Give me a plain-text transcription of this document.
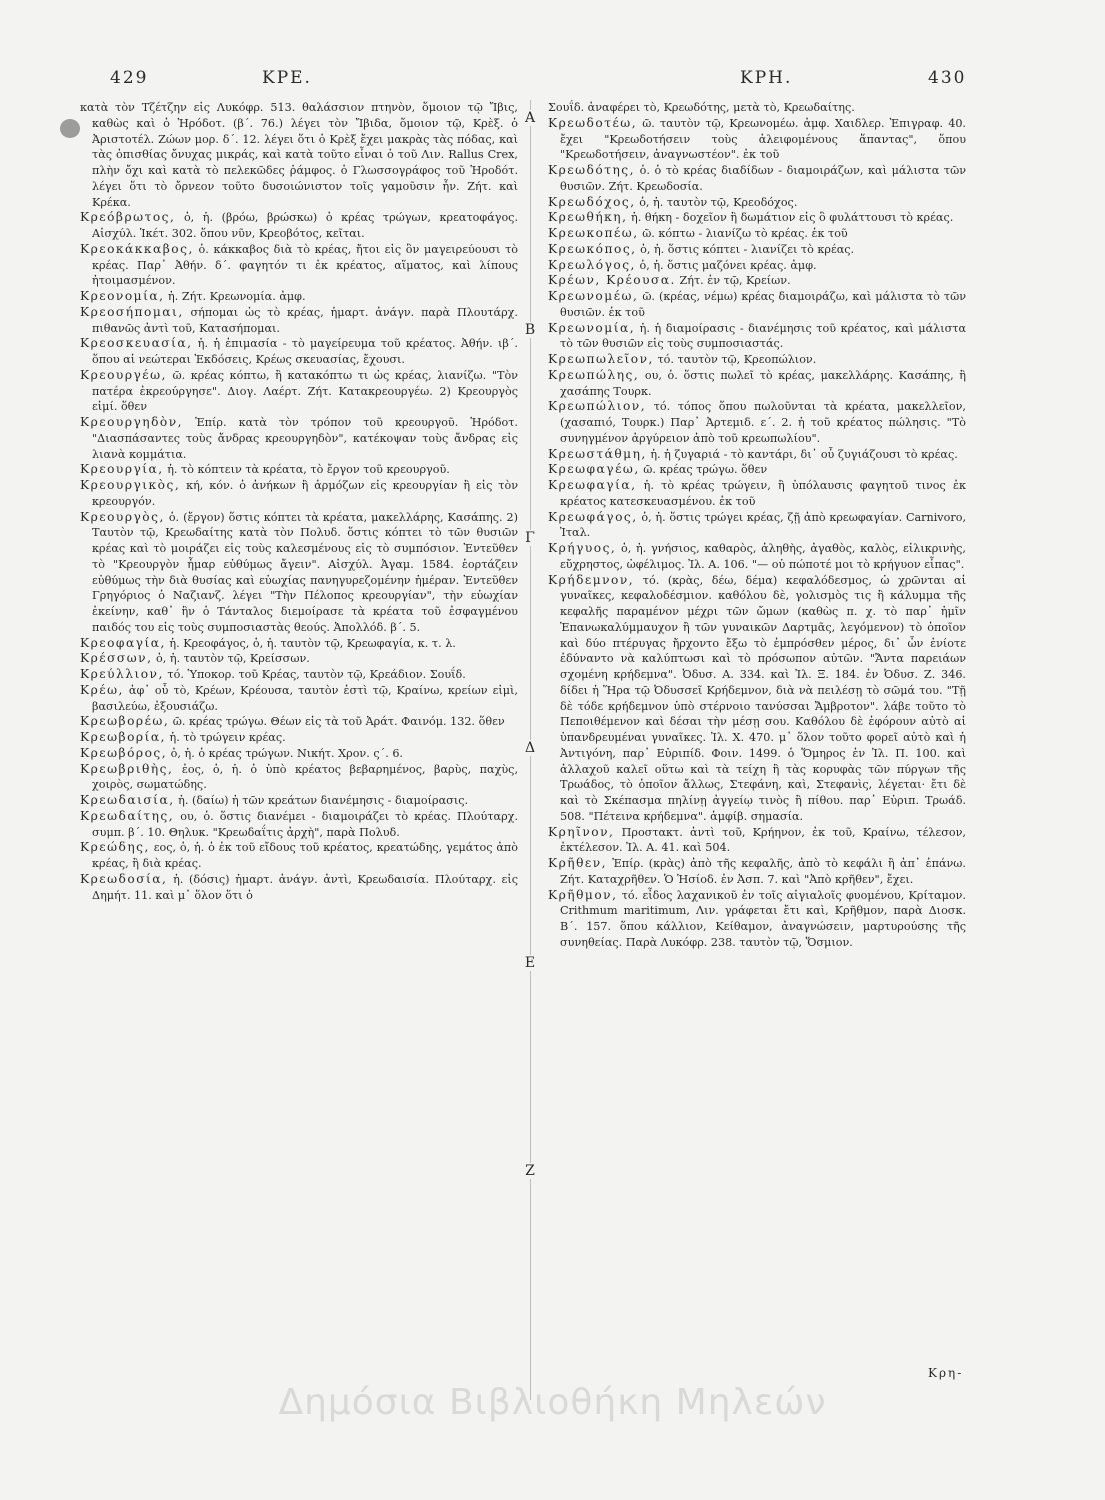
429	ΚΡΕ.	ΚΡΗ.	430

κατὰ τὸν Τζέτζην εἰς Λυκόφρ. 513. θαλάσσιον πτηνὸν, ὅμοιον τῷ Ἴβις, καθὼς καὶ ὁ Ἡρόδοτ. (β΄. 76.) λέγει τὸν Ἴβιδα, ὅμοιον τῷ, Κρὲξ. ὁ Ἀριστοτέλ. Ζώων μορ. δ΄. 12. λέγει ὅτι ὁ Κρὲξ ἔχει μακρὰς τὰς πόδας, καὶ τὰς ὀπισθίας ὄνυχας μικράς, καὶ κατὰ τοῦτο εἶναι ὁ τοῦ Λιν. Rallus Crex, πλὴν ὄχι καὶ κατὰ τὸ πελεκῶδες ῥάμφος. ὁ Γλωσσογράφος τοῦ Ἡροδότ. λέγει ὅτι τὸ ὄρνεον τοῦτο δυσοιώνιστον τοῖς γαμοῦσιν ἦν. Ζήτ. καὶ Κρέκα.

Κρεόβρωτος, ὁ, ἡ. (βρόω, βρώσκω) ὁ κρέας τρώγων, κρεατοφάγος. Αἰσχύλ. Ἱκέτ. 302. ὅπου νῦν, Κρεοβότος, κεῖται.

Κρεοκάκκαβος, ὁ. κάκκαβος διὰ τὸ κρέας, ἤτοι εἰς ὃν μαγειρεύουσι τὸ κρέας. Παρ᾽ Ἀθήν. δ΄. φαγητόν τι ἐκ κρέατος, αἵματος, καὶ λίπους ἠτοιμασμένον.

Κρεονομία, ἡ. Ζήτ. Κρεωνομία. ἀμφ.

Κρεοσήπομαι, σήπομαι ὡς τὸ κρέας, ἡμαρτ. ἀνάγν. παρὰ Πλουτάρχ. πιθανῶς ἀντὶ τοῦ, Κατασήπομαι.

Κρεοσκευασία, ἡ. ἡ ἐπιμασία - τὸ μαγείρευμα τοῦ κρέατος. Ἀθήν. ιβ΄. ὅπου αἱ νεώτεραι Ἐκδόσεις, Κρέως σκευασίας, ἔχουσι.

Κρεουργέω, ῶ. κρέας κόπτω, ἢ κατακόπτω τι ὡς κρέας, λιανίζω. "Τὸν πατέρα ἐκρεούργησε". Διογ. Λαέρτ. Ζήτ. Κατακρεουργέω. 2) Κρεουργὸς εἰμί. ὅθεν

Κρεουργηδὸν, Ἐπίρ. κατὰ τὸν τρόπον τοῦ κρεουργοῦ. Ἡρόδοτ. "Διασπάσαντες τοὺς ἄνδρας κρεουργηδὸν", κατέκοψαν τοὺς ἄνδρας εἰς λιανὰ κομμάτια.

Κρεουργία, ἡ. τὸ κόπτειν τὰ κρέατα, τὸ ἔργον τοῦ κρεουργοῦ.

Κρεουργικὸς, κή, κόν. ὁ ἀνήκων ἢ ἁρμόζων εἰς κρεουργίαν ἢ εἰς τὸν κρεουργόν.

Κρεουργὸς, ὁ. (ἔργον) ὅστις κόπτει τὰ κρέατα, μακελλάρης, Κασάπης. 2) Ταυτὸν τῷ, Κρεωδαίτης κατὰ τὸν Πολυδ. ὅστις κόπτει τὸ τῶν θυσιῶν κρέας καὶ τὸ μοιράζει εἰς τοὺς καλεσμένους εἰς τὸ συμπόσιον. Ἐντεῦθεν τὸ "Κρεουργὸν ἦμαρ εὐθύμως ἄγειν". Αἰσχύλ. Ἀγαμ. 1584. ἑορτάζειν εὐθύμως τὴν διὰ θυσίας καὶ εὐωχίας πανηγυρεζομένην ἡμέραν. Ἐντεῦθεν Γρηγόριος ὁ Ναζιανζ. λέγει "Τὴν Πέλοπος κρεουργίαν", τὴν εὐωχίαν ἐκείνην, καθ᾽ ἣν ὁ Τάνταλος διεμοίρασε τὰ κρέατα τοῦ ἐσφαγμένου παιδός του εἰς τοὺς συμποσιαστὰς θεούς. Ἀπολλόδ. β΄. 5.

Κρεοφαγία, ἡ. Κρεοφάγος, ὁ, ἡ. ταυτὸν τῷ, Κρεωφαγία, κ. τ. λ.

Κρέσσων, ὁ, ἡ. ταυτὸν τῷ, Κρείσσων.

Κρεύλλιον, τό. Ὑποκορ. τοῦ Κρέας, ταυτὸν τῷ, Κρεάδιον. Σουΐδ.

Κρέω, ἀφ᾽ οὗ τὸ, Κρέων, Κρέουσα, ταυτὸν ἐστὶ τῷ, Κραίνω, κρείων εἰμὶ, βασιλεύω, ἐξουσιάζω.

Κρεωβορέω, ῶ. κρέας τρώγω. Θέων εἰς τὰ τοῦ Ἀράτ. Φαινόμ. 132. ὅθεν

Κρεωβορία, ἡ. τὸ τρώγειν κρέας.

Κρεωβόρος, ὁ, ἡ. ὁ κρέας τρώγων. Νικήτ. Χρον. ς΄. 6.

Κρεωβριθὴς, ἐος, ὁ, ἡ. ὁ ὑπὸ κρέατος βεβαρημένος, βαρὺς, παχὺς, χοιρὸς, σωματώδης.

Κρεωδαισία, ἡ. (δαίω) ἡ τῶν κρεάτων διανέμησις - διαμοίρασις.

Κρεωδαίτης, ου, ὁ. ὅστις διανέμει - διαμοιράζει τὸ κρέας. Πλούταρχ. συμπ. β΄. 10. Θηλυκ. "Κρεωδαΐτις ἀρχὴ", παρὰ Πολυδ.

Κρεώδης, εος, ὁ, ἡ. ὁ ἐκ τοῦ εἴδους τοῦ κρέατος, κρεατώδης, γεμάτος ἀπὸ κρέας, ἢ διὰ κρέας.

Κρεωδοσία, ἡ. (δόσις) ἡμαρτ. ἀνάγν. ἀντὶ, Κρεωδαισία. Πλούταρχ. εἰς Δημήτ. 11. καὶ μ᾽ ὅλον ὅτι ὁ

Α
Β
Γ
Δ
Ε
Ζ

Σουΐδ. ἀναφέρει τὸ, Κρεωδότης, μετὰ τὸ, Κρεωδαίτης.

Κρεωδοτέω, ῶ. ταυτὸν τῷ, Κρεωνομέω. ἀμφ. Χαιδλερ. Ἐπιγραφ. 40. ἔχει "Κρεωδοτήσειν τοὺς ἀλειφομένους ἅπαντας", ὅπου "Κρεωδοτήσειν, ἀναγνωστέον". ἐκ τοῦ

Κρεωδότης, ὁ. ὁ τὸ κρέας διαδίδων - διαμοιράζων, καὶ μάλιστα τῶν θυσιῶν. Ζήτ. Κρεωδοσία.

Κρεωδόχος, ὁ, ἡ. ταυτὸν τῷ, Κρεοδόχος.

Κρεωθήκη, ἡ. θήκη - δοχεῖον ἢ δωμάτιον εἰς ὃ φυλάττουσι τὸ κρέας.

Κρεωκοπέω, ῶ. κόπτω - λιανίζω τὸ κρέας. ἐκ τοῦ

Κρεωκόπος, ὁ, ἡ. ὅστις κόπτει - λιανίζει τὸ κρέας.

Κρεωλόγος, ὁ, ἡ. ὅστις μαζόνει κρέας. ἀμφ.

Κρέων, Κρέουσα. Ζήτ. ἐν τῷ, Κρείων.

Κρεωνομέω, ῶ. (κρέας, νέμω) κρέας διαμοιράζω, καὶ μάλιστα τὸ τῶν θυσιῶν. ἐκ τοῦ

Κρεωνομία, ἡ. ἡ διαμοίρασις - διανέμησις τοῦ κρέατος, καὶ μάλιστα τὸ τῶν θυσιῶν εἰς τοὺς συμποσιαστάς.

Κρεωπωλεῖον, τό. ταυτὸν τῷ, Κρεοπώλιον.

Κρεωπώλης, ου, ὁ. ὅστις πωλεῖ τὸ κρέας, μακελλάρης. Κασάπης, ἢ χασάπης Τουρκ.

Κρεωπώλιον, τό. τόπος ὅπου πωλοῦνται τὰ κρέατα, μακελλεῖον, (χασαπιό, Τουρκ.) Παρ᾽ Ἀρτεμιδ. ε΄. 2. ἡ τοῦ κρέατος πώλησις. "Τὸ συνηγμένον ἀργύρειον ἀπὸ τοῦ κρεωπωλίου".

Κρεωστάθμη, ἡ. ἡ ζυγαριά - τὸ καντάρι, δι᾽ οὗ ζυγιάζουσι τὸ κρέας.

Κρεωφαγέω, ῶ. κρέας τρώγω. ὅθεν

Κρεωφαγία, ἡ. τὸ κρέας τρώγειν, ἢ ὑπόλαυσις φαγητοῦ τινος ἐκ κρέατος κατεσκευασμένου. ἐκ τοῦ

Κρεωφάγος, ὁ, ἡ. ὅστις τρώγει κρέας, ζῇ ἀπὸ κρεωφαγίαν. Carnivoro, Ἰταλ.

Κρήγυος, ὁ, ἡ. γνήσιος, καθαρὸς, ἀληθὴς, ἀγαθὸς, καλὸς, εἰλικρινὴς, εὔχρηστος, ὠφέλιμος. Ἰλ. Α. 106. "— οὐ πώποτέ μοι τὸ κρήγυον εἶπας".

Κρήδεμνον, τό. (κρὰς, δέω, δέμα) κεφαλόδεσμος, ὡ χρῶνται αἱ γυναῖκες, κεφαλοδέσμιον. καθόλου δὲ, γολισμὸς τις ἢ κάλυμμα τῆς κεφαλῆς παραμένον μέχρι τῶν ὤμων (καθὼς π. χ. τὸ παρ᾽ ἡμῖν Ἐπανωκαλύμμαυχον ἢ τῶν γυναικῶν Δαρτμᾶς, λεγόμενον) τὸ ὁποῖον καὶ δύο πτέρυγας ἤρχοντο ἔξω τὸ ἐμπρόσθεν μέρος, δι᾽ ὧν ἐνίοτε ἐδύναντο νὰ καλύπτωσι καὶ τὸ πρόσωπον αὐτῶν. "Ἄντα παρειάων σχομένη κρήδεμνα". Ὀδυσ. Α. 334. καὶ Ἰλ. Ξ. 184. ἐν Ὀδυσ. Ζ. 346. δίδει ἡ Ἥρα τῷ Ὀδυσσεῖ Κρήδεμνον, διὰ νὰ πειλέσῃ τὸ σῶμά του. "Τῇ δὲ τόδε κρήδεμνον ὑπὸ στέρνοιο τανύσσαι Ἄμβροτον". λάβε τοῦτο τὸ Πεποιθέμενον καὶ δέσαι τὴν μέσῃ σου. Καθόλου δὲ ἐφόρουν αὐτὸ αἱ ὑπανδρευμέναι γυναῖκες. Ἰλ. Χ. 470. μ᾽ ὅλον τοῦτο φορεῖ αὐτὸ καὶ ἡ Ἀντιγόνη, παρ᾽ Εὐριπίδ. Φοιν. 1499. ὁ Ὅμηρος ἐν Ἰλ. Π. 100. καὶ ἀλλαχοῦ καλεῖ οὕτω καὶ τὰ τείχη ἢ τὰς κορυφὰς τῶν πύργων τῆς Τρωάδος, τὸ ὁποῖον ἄλλως, Στεφάνη, καὶ, Στεφανὶς, λέγεται· ἔτι δὲ καὶ τὸ Σκέπασμα πηλίνῃ ἀγγείῳ τινὸς ἢ πίθου. παρ᾽ Εὐριπ. Τρωάδ. 508. "Πέτεινα κρήδεμνα". ἀμφίβ. σημασία.

Κρηῖνον, Προστακτ. ἀντὶ τοῦ, Κρήηνον, ἐκ τοῦ, Κραίνω, τέλεσον, ἐκτέλεσον. Ἰλ. Α. 41. καὶ 504.

Κρῆθεν, Ἐπίρ. (κρὰς) ἀπὸ τῆς κεφαλῆς, ἀπὸ τὸ κεφάλι ἢ ἀπ᾽ ἐπάνω. Ζήτ. Καταχρῆθεν. Ὁ Ἡσίοδ. ἐν Ἀσπ. 7. καὶ "Ἀπὸ κρῆθεν", ἔχει.

Κρῆθμον, τό. εἶδος λαχανικοῦ ἐν τοῖς αἰγιαλοῖς φυομένου, Κρίταμον. Crithmum maritimum, Λιν. γράφεται ἔτι καὶ, Κρῆθμον, παρὰ Διοσκ. Β΄. 157. ὅπου κάλλιον, Κείθαμον, ἀναγνώσειν, μαρτυρούσης τῆς συνηθείας. Παρὰ Λυκόφρ. 238. ταυτὸν τῷ, Ὅσμιον.

Κρη-
Δημόσια Βιβλιοθήκη Μηλεών
